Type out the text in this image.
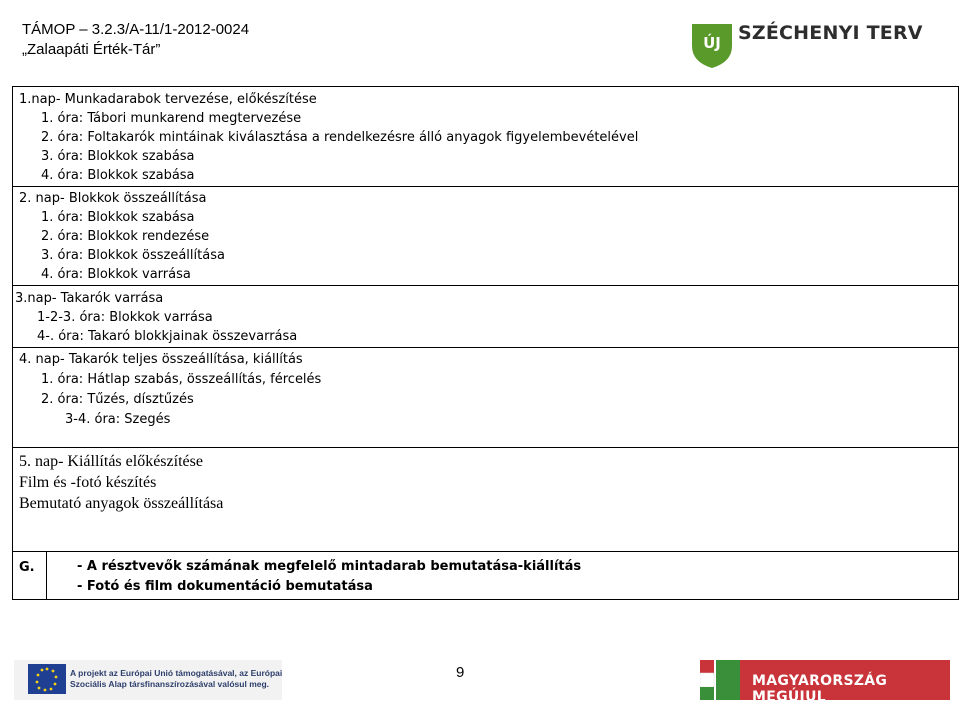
TÁMOP – 3.2.3/A-11/1-2012-0024
„Zalaapáti Érték-Tár”	ÚJ SZÉCHENYI TERV
1.nap- Munkadarabok tervezése, előkészítése
1. óra: Tábori munkarend megtervezése
2. óra: Foltakarók mintáinak kiválasztása a rendelkezésre álló anyagok figyelembevételével
3. óra: Blokkok szabása
4. óra: Blokkok szabása
2. nap- Blokkok összeállítása
1. óra: Blokkok szabása
2. óra: Blokkok rendezése
3. óra: Blokkok összeállítása
4. óra: Blokkok varrása
3.nap- Takarók varrása
1-2-3. óra: Blokkok varrása
4-. óra: Takaró blokkjainak összevarrása
4. nap- Takarók teljes összeállítása, kiállítás
1. óra: Hátlap szabás, összeállítás, fércelés
2. óra: Tűzés, dísztűzés
3-4. óra: Szegés
5. nap- Kiállítás előkészítése
Film és -fotó készítés
Bemutató anyagok összeállítása
G.	- A résztvevők számának megfelelő mintadarab bemutatása-kiállítás
- Fotó és film dokumentáció bemutatása
A projekt az Európai Unió támogatásával, az Európai
Szociális Alap társfinanszírozásával valósul meg.
9	MAGYARORSZÁG MEGÚJUL
